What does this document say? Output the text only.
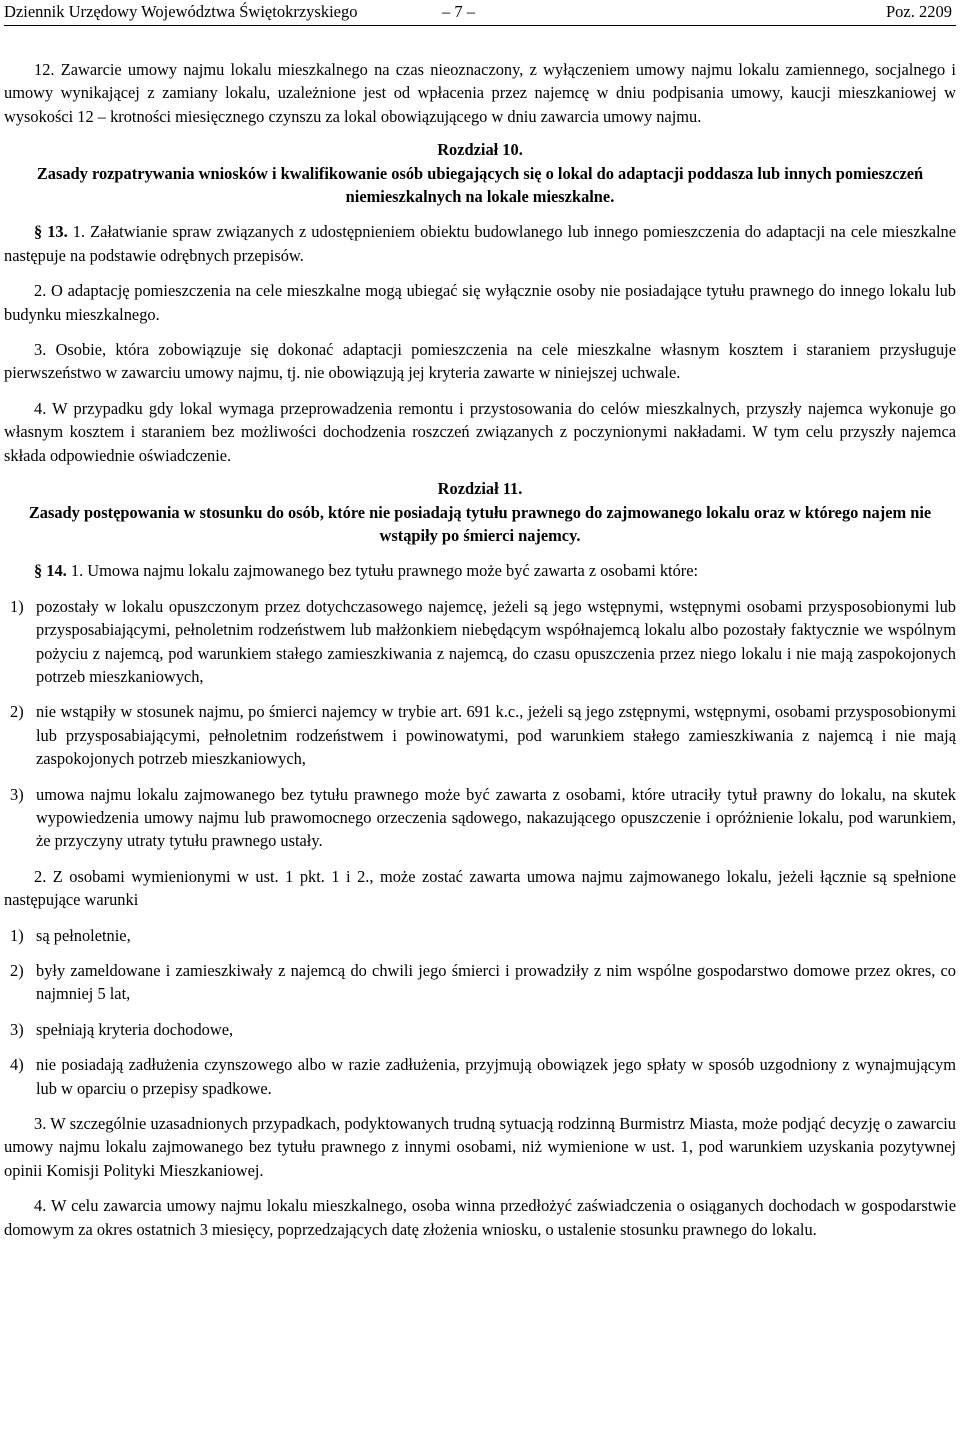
Dziennik Urzędowy Województwa Świętokrzyskiego	– 7 –	Poz. 2209

12. Zawarcie umowy najmu lokalu mieszkalnego na czas nieoznaczony, z wyłączeniem umowy najmu lokalu zamiennego, socjalnego i umowy wynikającej z zamiany lokalu, uzależnione jest od wpłacenia przez najemcę w dniu podpisania umowy, kaucji mieszkaniowej w wysokości 12 – krotności miesięcznego czynszu za lokal obowiązującego w dniu zawarcia umowy najmu.

Rozdział 10.

Zasady rozpatrywania wniosków i kwalifikowanie osób ubiegających się o lokal do adaptacji poddasza lub innych pomieszczeń niemieszkalnych na lokale mieszkalne.

§ 13. 1. Załatwianie spraw związanych z udostępnieniem obiektu budowlanego lub innego pomieszczenia do adaptacji na cele mieszkalne następuje na podstawie odrębnych przepisów.

2. O adaptację pomieszczenia na cele mieszkalne mogą ubiegać się wyłącznie osoby nie posiadające tytułu prawnego do innego lokalu lub budynku mieszkalnego.

3. Osobie, która zobowiązuje się dokonać adaptacji pomieszczenia na cele mieszkalne własnym kosztem i staraniem przysługuje pierwszeństwo w zawarciu umowy najmu, tj. nie obowiązują jej kryteria zawarte w niniejszej uchwale.

4. W przypadku gdy lokal wymaga przeprowadzenia remontu i przystosowania do celów mieszkalnych, przyszły najemca wykonuje go własnym kosztem i staraniem bez możliwości dochodzenia roszczeń związanych z poczynionymi nakładami. W tym celu przyszły najemca składa odpowiednie oświadczenie.

Rozdział 11.

Zasady postępowania w stosunku do osób, które nie posiadają tytułu prawnego do zajmowanego lokalu oraz w którego najem nie wstąpiły po śmierci najemcy.

§ 14. 1. Umowa najmu lokalu zajmowanego bez tytułu prawnego może być zawarta z osobami które:

1) pozostały w lokalu opuszczonym przez dotychczasowego najemcę, jeżeli są jego wstępnymi, wstępnymi osobami przysposobionymi lub przysposabiającymi, pełnoletnim rodzeństwem lub małżonkiem niebędącym współnajemcą lokalu albo pozostały faktycznie we wspólnym pożyciu z najemcą, pod warunkiem stałego zamieszkiwania z najemcą, do czasu opuszczenia przez niego lokalu i nie mają zaspokojonych potrzeb mieszkaniowych,

2) nie wstąpiły w stosunek najmu, po śmierci najemcy w trybie art. 691 k.c., jeżeli są jego zstępnymi, wstępnymi, osobami przysposobionymi lub przysposabiającymi, pełnoletnim rodzeństwem i powinowatymi, pod warunkiem stałego zamieszkiwania z najemcą i nie mają zaspokojonych potrzeb mieszkaniowych,

3) umowa najmu lokalu zajmowanego bez tytułu prawnego może być zawarta z osobami, które utraciły tytuł prawny do lokalu, na skutek wypowiedzenia umowy najmu lub prawomocnego orzeczenia sądowego, nakazującego opuszczenie i opróżnienie lokalu, pod warunkiem, że przyczyny utraty tytułu prawnego ustały.

2. Z osobami wymienionymi w ust. 1 pkt. 1 i 2., może zostać zawarta umowa najmu zajmowanego lokalu, jeżeli łącznie są spełnione następujące warunki

1) są pełnoletnie,

2) były zameldowane i zamieszkiwały z najemcą do chwili jego śmierci i prowadziły z nim wspólne gospodarstwo domowe przez okres, co najmniej 5 lat,

3) spełniają kryteria dochodowe,

4) nie posiadają zadłużenia czynszowego albo w razie zadłużenia, przyjmują obowiązek jego spłaty w sposób uzgodniony z wynajmującym lub w oparciu o przepisy spadkowe.

3. W szczególnie uzasadnionych przypadkach, podyktowanych trudną sytuacją rodzinną Burmistrz Miasta, może podjąć decyzję o zawarciu umowy najmu lokalu zajmowanego bez tytułu prawnego z innymi osobami, niż wymienione w ust. 1, pod warunkiem uzyskania pozytywnej opinii Komisji Polityki Mieszkaniowej.

4. W celu zawarcia umowy najmu lokalu mieszkalnego, osoba winna przedłożyć zaświadczenia o osiąganych dochodach w gospodarstwie domowym za okres ostatnich 3 miesięcy, poprzedzających datę złożenia wniosku, o ustalenie stosunku prawnego do lokalu.
